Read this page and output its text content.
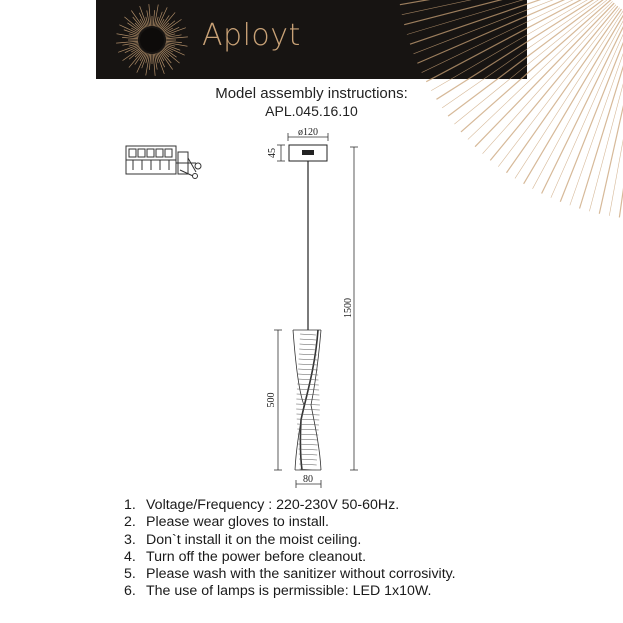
Aployt
Model assembly instructions:
APL.045.16.10
ø120
45
1500
500
80
1. Voltage/Frequency : 220-230V 50-60Hz.
2. Please wear gloves to install.
3. Don`t install it on the moist ceiling.
4. Turn off the power before cleanout.
5. Please wash with the sanitizer without corrosivity.
6. The use of lamps is permissible: LED 1x10W.
